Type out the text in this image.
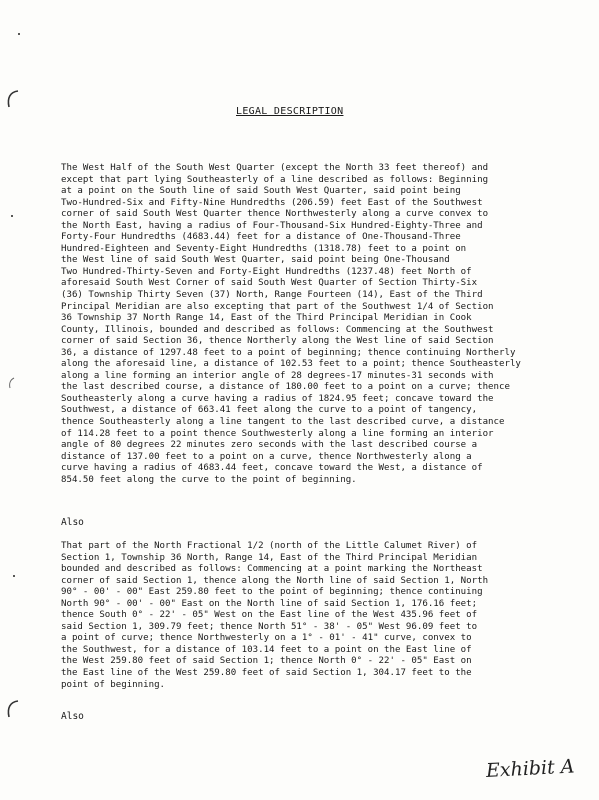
LEGAL DESCRIPTION
The West Half of the South West Quarter (except the North 33 feet thereof) and
except that part lying Southeasterly of a line described as follows: Beginning
at a point on the South line of said South West Quarter, said point being
Two-Hundred-Six and Fifty-Nine Hundredths (206.59) feet East of the Southwest
corner of said South West Quarter thence Northwesterly along a curve convex to
the North East, having a radius of Four-Thousand-Six Hundred-Eighty-Three and
Forty-Four Hundredths (4683.44) feet for a distance of One-Thousand-Three
Hundred-Eighteen and Seventy-Eight Hundredths (1318.78) feet to a point on
the West line of said South West Quarter, said point being One-Thousand
Two Hundred-Thirty-Seven and Forty-Eight Hundredths (1237.48) feet North of
aforesaid South West Corner of said South West Quarter of Section Thirty-Six
(36) Township Thirty Seven (37) North, Range Fourteen (14), East of the Third
Principal Meridian are also excepting that part of the Southwest 1/4 of Section
36 Township 37 North Range 14, East of the Third Principal Meridian in Cook
County, Illinois, bounded and described as follows: Commencing at the Southwest
corner of said Section 36, thence Northerly along the West line of said Section
36, a distance of 1297.48 feet to a point of beginning; thence continuing Northerly
along the aforesaid line, a distance of 102.53 feet to a point; thence Southeasterly
along a line forming an interior angle of 28 degrees-17 minutes-31 seconds with
the last described course, a distance of 180.00 feet to a point on a curve; thence
Southeasterly along a curve having a radius of 1824.95 feet; concave toward the
Southwest, a distance of 663.41 feet along the curve to a point of tangency,
thence Southeasterly along a line tangent to the last described curve, a distance
of 114.28 feet to a point thence Southwesterly along a line forming an interior
angle of 80 degrees 22 minutes zero seconds with the last described course a
distance of 137.00 feet to a point on a curve, thence Northwesterly along a
curve having a radius of 4683.44 feet, concave toward the West, a distance of
854.50 feet along the curve to the point of beginning.
Also
That part of the North Fractional 1/2 (north of the Little Calumet River) of
Section 1, Township 36 North, Range 14, East of the Third Principal Meridian
bounded and described as follows: Commencing at a point marking the Northeast
corner of said Section 1, thence along the North line of said Section 1, North
90° - 00' - 00" East 259.80 feet to the point of beginning; thence continuing
North 90° - 00' - 00" East on the North line of said Section 1, 176.16 feet;
thence South 0° - 22' - 05" West on the East line of the West 435.96 feet of
said Section 1, 309.79 feet; thence North 51° - 38' - 05" West 96.09 feet to
a point of curve; thence Northwesterly on a 1° - 01' - 41" curve, convex to
the Southwest, for a distance of 103.14 feet to a point on the East line of
the West 259.80 feet of said Section 1; thence North 0° - 22' - 05" East on
the East line of the West 259.80 feet of said Section 1, 304.17 feet to the
point of beginning.
Also
Exhibit A
